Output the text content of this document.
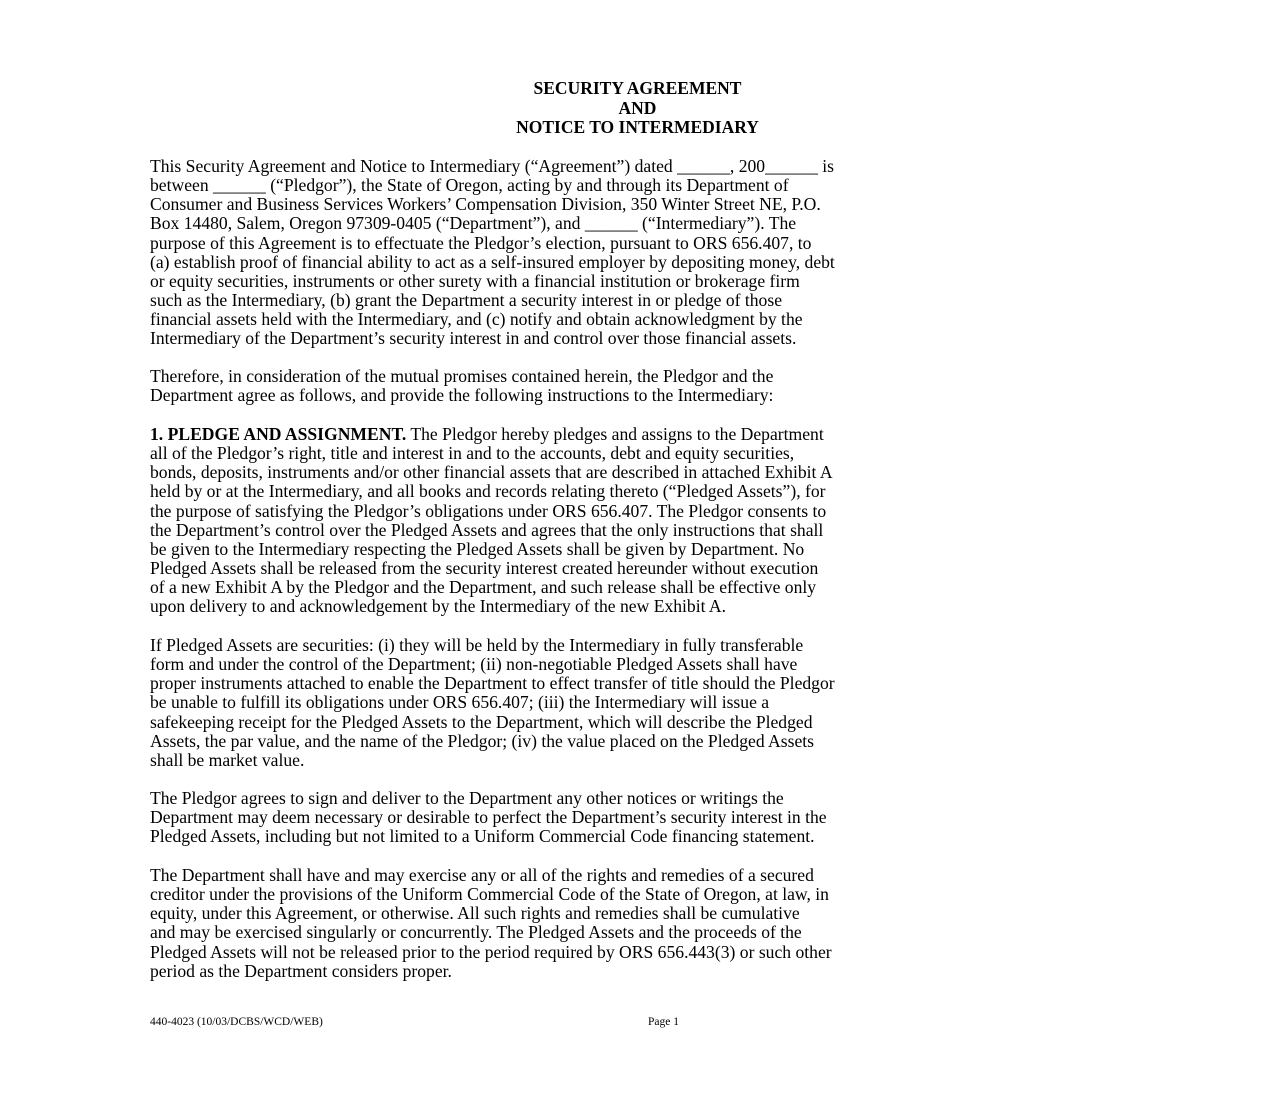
SECURITY AGREEMENT
AND
NOTICE TO INTERMEDIARY
This Security Agreement and Notice to Intermediary (“Agreement”) dated ______, 200______ is
between ______ (“Pledgor”), the State of Oregon, acting by and through its Department of
Consumer and Business Services Workers’ Compensation Division, 350 Winter Street NE, P.O.
Box 14480, Salem, Oregon 97309-0405 (“Department”), and ______ (“Intermediary”). The
purpose of this Agreement is to effectuate the Pledgor’s election, pursuant to ORS 656.407, to
(a) establish proof of financial ability to act as a self-insured employer by depositing money, debt
or equity securities, instruments or other surety with a financial institution or brokerage firm
such as the Intermediary, (b) grant the Department a security interest in or pledge of those
financial assets held with the Intermediary, and (c) notify and obtain acknowledgment by the
Intermediary of the Department’s security interest in and control over those financial assets.
Therefore, in consideration of the mutual promises contained herein, the Pledgor and the
Department agree as follows, and provide the following instructions to the Intermediary:
1. PLEDGE AND ASSIGNMENT. The Pledgor hereby pledges and assigns to the Department
all of the Pledgor’s right, title and interest in and to the accounts, debt and equity securities,
bonds, deposits, instruments and/or other financial assets that are described in attached Exhibit A
held by or at the Intermediary, and all books and records relating thereto (“Pledged Assets”), for
the purpose of satisfying the Pledgor’s obligations under ORS 656.407. The Pledgor consents to
the Department’s control over the Pledged Assets and agrees that the only instructions that shall
be given to the Intermediary respecting the Pledged Assets shall be given by Department. No
Pledged Assets shall be released from the security interest created hereunder without execution
of a new Exhibit A by the Pledgor and the Department, and such release shall be effective only
upon delivery to and acknowledgement by the Intermediary of the new Exhibit A.
If Pledged Assets are securities: (i) they will be held by the Intermediary in fully transferable
form and under the control of the Department; (ii) non-negotiable Pledged Assets shall have
proper instruments attached to enable the Department to effect transfer of title should the Pledgor
be unable to fulfill its obligations under ORS 656.407; (iii) the Intermediary will issue a
safekeeping receipt for the Pledged Assets to the Department, which will describe the Pledged
Assets, the par value, and the name of the Pledgor; (iv) the value placed on the Pledged Assets
shall be market value.
The Pledgor agrees to sign and deliver to the Department any other notices or writings the
Department may deem necessary or desirable to perfect the Department’s security interest in the
Pledged Assets, including but not limited to a Uniform Commercial Code financing statement.
The Department shall have and may exercise any or all of the rights and remedies of a secured
creditor under the provisions of the Uniform Commercial Code of the State of Oregon, at law, in
equity, under this Agreement, or otherwise. All such rights and remedies shall be cumulative
and may be exercised singularly or concurrently. The Pledged Assets and the proceeds of the
Pledged Assets will not be released prior to the period required by ORS 656.443(3) or such other
period as the Department considers proper.
440-4023 (10/03/DCBS/WCD/WEB)	Page 1
